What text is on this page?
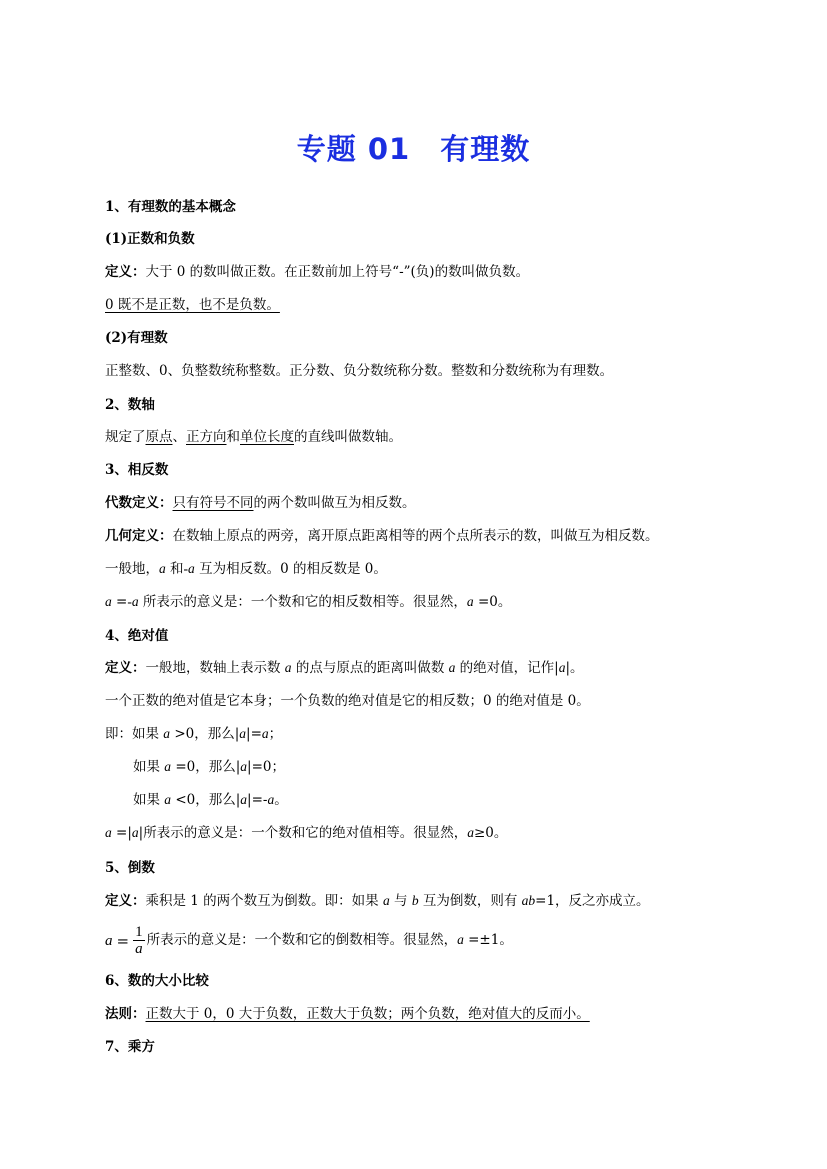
专题 01 有理数
1、有理数的基本概念
(1)正数和负数
定义：大于 0 的数叫做正数。在正数前加上符号“-”(负)的数叫做负数。
0 既不是正数，也不是负数。
(2)有理数
正整数、0、负整数统称整数。正分数、负分数统称分数。整数和分数统称为有理数。
2、数轴
规定了原点、正方向和单位长度的直线叫做数轴。
3、相反数
代数定义：只有符号不同的两个数叫做互为相反数。
几何定义：在数轴上原点的两旁，离开原点距离相等的两个点所表示的数，叫做互为相反数。
一般地，a 和-a 互为相反数。0 的相反数是 0。
a =-a 所表示的意义是：一个数和它的相反数相等。很显然，a =0。
4、绝对值
定义：一般地，数轴上表示数 a 的点与原点的距离叫做数 a 的绝对值，记作|a|。
一个正数的绝对值是它本身；一个负数的绝对值是它的相反数；0 的绝对值是 0。
即：如果 a >0，那么|a|=a；
如果 a =0，那么|a|=0；
如果 a <0，那么|a|=-a。
a =|a|所表示的意义是：一个数和它的绝对值相等。很显然，a≥0。
5、倒数
定义：乘积是 1 的两个数互为倒数。即：如果 a 与 b 互为倒数，则有 ab=1，反之亦成立。
$a = \frac{1}{a}$ 所表示的意义是：一个数和它的倒数相等。很显然，a =±1。
6、数的大小比较
法则：正数大于 0，0 大于负数，正数大于负数；两个负数，绝对值大的反而小。
7、乘方
